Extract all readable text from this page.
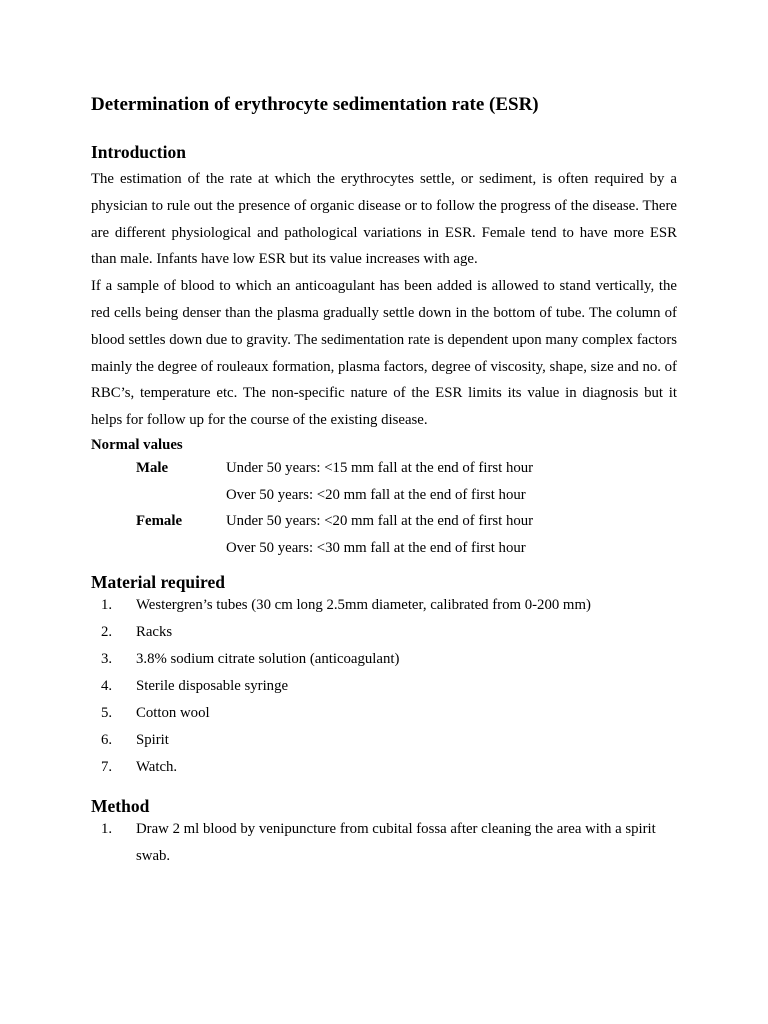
Determination of erythrocyte sedimentation rate (ESR)
Introduction

The estimation of the rate at which the erythrocytes settle, or sediment, is often required by a physician to rule out the presence of organic disease or to follow the progress of the disease. There are different physiological and pathological variations in ESR. Female tend to have more ESR than male. Infants have low ESR but its value increases with age.

If a sample of blood to which an anticoagulant has been added is allowed to stand vertically, the red cells being denser than the plasma gradually settle down in the bottom of tube. The column of blood settles down due to gravity. The sedimentation rate is dependent upon many complex factors mainly the degree of rouleaux formation, plasma factors, degree of viscosity, shape, size and no. of RBC’s, temperature etc. The non-specific nature of the ESR limits its value in diagnosis but it helps for follow up for the course of the existing disease.

Normal values
Male	Under 50 years: <15 mm fall at the end of first hour
Over 50 years: <20 mm fall at the end of first hour
Female	Under 50 years: <20 mm fall at the end of first hour
Over 50 years: <30 mm fall at the end of first hour
Material required
1.	Westergren’s tubes (30 cm long 2.5mm diameter, calibrated from 0-200 mm)
2.	Racks
3.	3.8% sodium citrate solution (anticoagulant)
4.	Sterile disposable syringe
5.	Cotton wool
6.	Spirit
7.	Watch.
Method
1.	Draw 2 ml blood by venipuncture from cubital fossa after cleaning the area with a spirit swab.
